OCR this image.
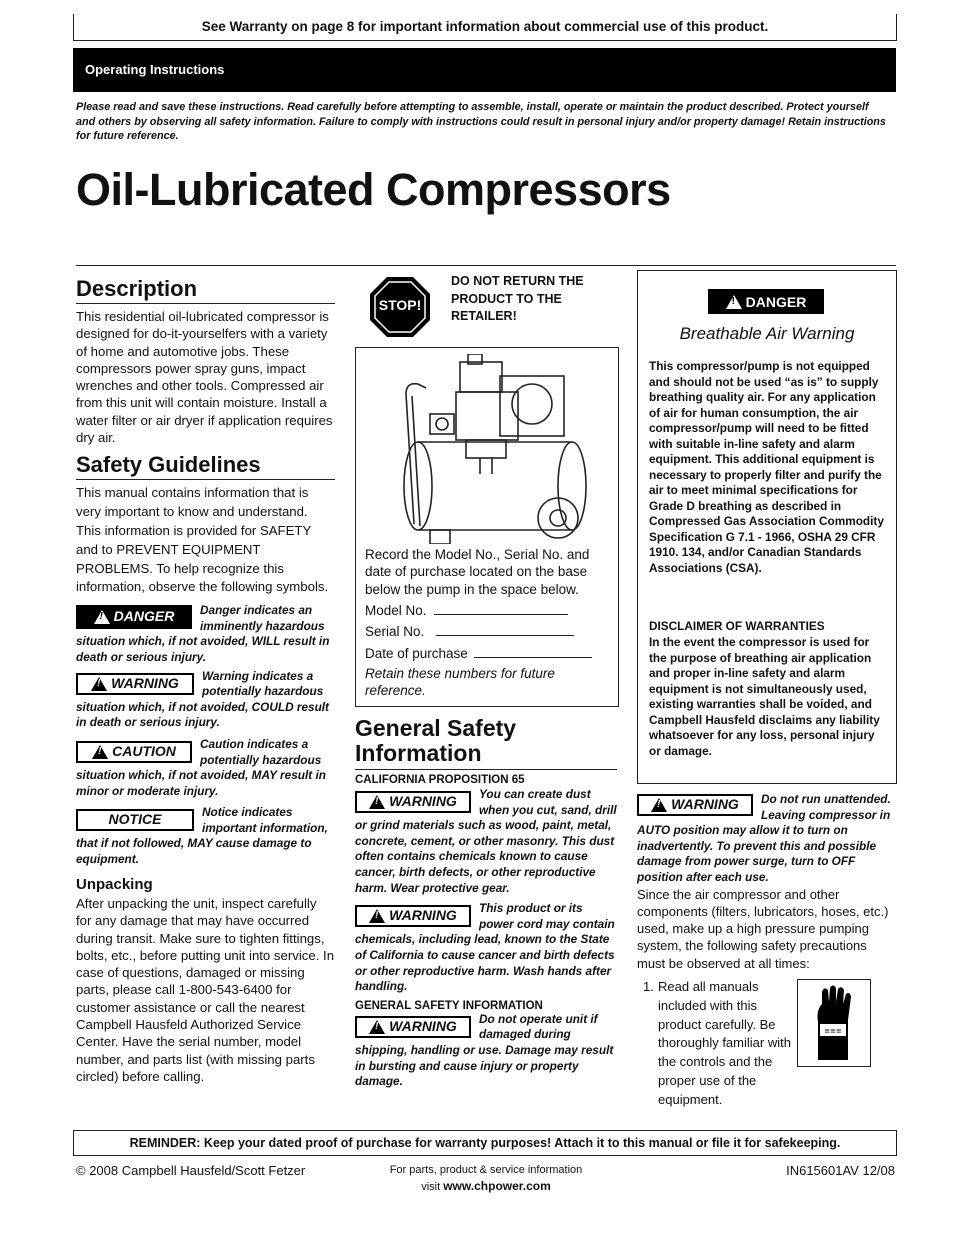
See Warranty on page 8 for important information about commercial use of this product.
Operating Instructions
Please read and save these instructions. Read carefully before attempting to assemble, install, operate or maintain the product described. Protect yourself and others by observing all safety information. Failure to comply with instructions could result in personal injury and/or property damage! Retain instructions for future reference.
Oil-Lubricated Compressors
Description
This residential oil-lubricated compressor is designed for do-it-yourselfers with a variety of home and automotive jobs. These compressors power spray guns, impact wrenches and other tools. Compressed air from this unit will contain moisture. Install a water filter or air dryer if application requires dry air.
Safety Guidelines
This manual contains information that is very important to know and understand. This information is provided for SAFETY and to PREVENT EQUIPMENT PROBLEMS. To help recognize this information, observe the following symbols.
!
DANGER Danger indicates an imminently hazardous situation which, if not avoided, WILL result in death or serious injury.
!
WARNING Warning indicates a potentially hazardous situation which, if not avoided, COULD result in death or serious injury.
!
CAUTION Caution indicates a potentially hazardous situation which, if not avoided, MAY result in minor or moderate injury.
NOTICE	Notice indicates important information, that if not followed, MAY cause damage to equipment.
Unpacking
After unpacking the unit, inspect carefully for any damage that may have occurred during transit. Make sure to tighten fittings, bolts, etc., before putting unit into service. In case of questions, damaged or missing parts, please call 1-800-543-6400 for customer assistance or call the nearest Campbell Hausfeld Authorized Service Center. Have the serial number, model number, and parts list (with missing parts circled) before calling.
STOP!
DO NOT RETURN THE PRODUCT TO THE RETAILER!
Record the Model No., Serial No. and date of purchase located on the base below the pump in the space below.
Model No.
Serial No.
Date of purchase
Retain these numbers for future reference.
General Safety Information
CALIFORNIA PROPOSITION 65
!
WARNING You can create dust when you cut, sand, drill or grind materials such as wood, paint, metal, concrete, cement, or other masonry. This dust often contains chemicals known to cause cancer, birth defects, or other reproductive harm. Wear protective gear.
!
WARNING This product or its power cord may contain chemicals, including lead, known to the State of California to cause cancer and birth defects or other reproductive harm. Wash hands after handling.
GENERAL SAFETY INFORMATION
!
WARNING Do not operate unit if damaged during shipping, handling or use. Damage may result in bursting and cause injury or property damage.
!
DANGER
Breathable Air Warning
This compressor/pump is not equipped and should not be used “as is” to supply breathing quality air. For any application of air for human consumption, the air compressor/pump will need to be fitted with suitable in-line safety and alarm equipment. This additional equipment is necessary to properly filter and purify the air to meet minimal specifications for Grade D breathing as described in Compressed Gas Association Commodity Specification G 7.1 - 1966, OSHA 29 CFR 1910. 134, and/or Canadian Standards Associations (CSA).
DISCLAIMER OF WARRANTIES
In the event the compressor is used for the purpose of breathing air application and proper in-line safety and alarm equipment is not simultaneously used, existing warranties shall be voided, and Campbell Hausfeld disclaims any liability whatsoever for any loss, personal injury or damage.
!
WARNING Do not run unattended. Leaving compressor in AUTO position may allow it to turn on inadvertently. To prevent this and possible damage from power surge, turn to OFF position after each use.
Since the air compressor and other components (filters, lubricators, hoses, etc.) used, make up a high pressure pumping system, the following safety precautions must be observed at all times:
1. Read all manuals included with this product carefully. Be thoroughly familiar with the controls and the proper use of the equipment.
≡≡≡
REMINDER: Keep your dated proof of purchase for warranty purposes! Attach it to this manual or file it for safekeeping.
© 2008 Campbell Hausfeld/Scott Fetzer	For parts, product & service information
visit www.chpower.com
IN615601AV 12/08
